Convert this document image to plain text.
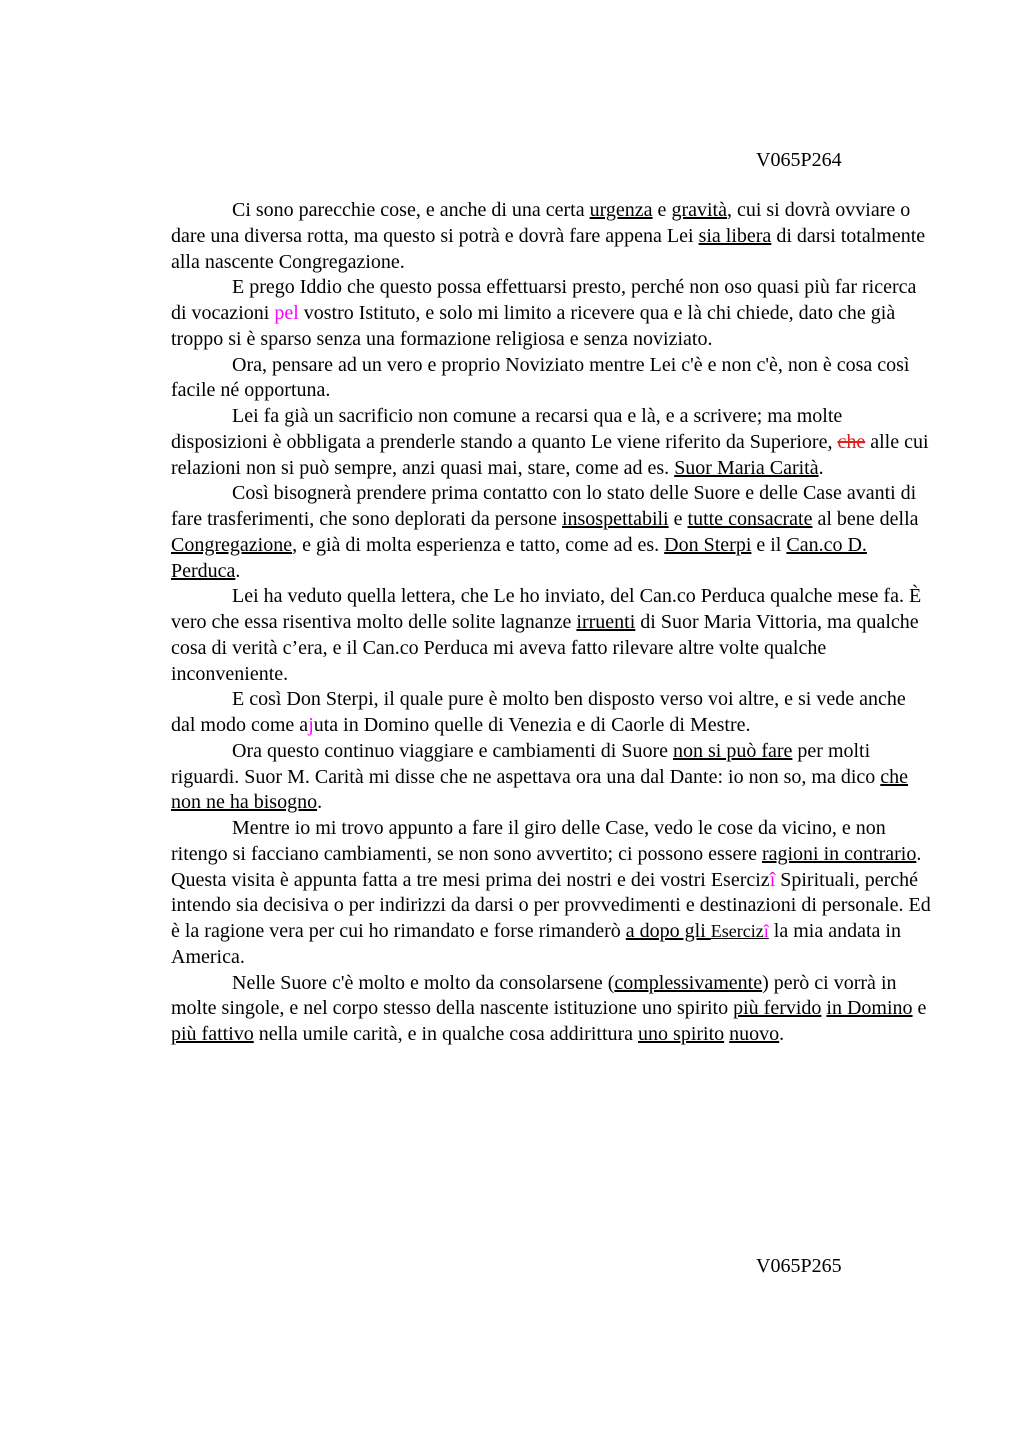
V065P264

Ci sono parecchie cose, e anche di una certa urgenza e gravità, cui si dovrà ovviare o dare una diversa rotta, ma questo si potrà e dovrà fare appena Lei sia libera di darsi totalmente alla nascente Congregazione.

E prego Iddio che questo possa effettuarsi presto, perché non oso quasi più far ricerca di vocazioni pel vostro Istituto, e solo mi limito a ricevere qua e là chi chiede, dato che già troppo si è sparso senza una formazione religiosa e senza noviziato.

Ora, pensare ad un vero e proprio Noviziato mentre Lei c'è e non c'è, non è cosa così facile né opportuna.

Lei fa già un sacrificio non comune a recarsi qua e là, e a scrivere; ma molte disposizioni è obbligata a prenderle stando a quanto Le viene riferito da Superiore, che alle cui relazioni non si può sempre, anzi quasi mai, stare, come ad es. Suor Maria Carità.

Così bisognerà prendere prima contatto con lo stato delle Suore e delle Case avanti di fare trasferimenti, che sono deplorati da persone insospettabili e tutte consacrate al bene della Congregazione, e già di molta esperienza e tatto, come ad es. Don Sterpi e il Can.co D. Perduca.

Lei ha veduto quella lettera, che Le ho inviato, del Can.co Perduca qualche mese fa. È vero che essa risentiva molto delle solite lagnanze irruenti di Suor Maria Vittoria, ma qualche cosa di verità c’era, e il Can.co Perduca mi aveva fatto rilevare altre volte qualche inconveniente.

E così Don Sterpi, il quale pure è molto ben disposto verso voi altre, e si vede anche dal modo come ajuta in Domino quelle di Venezia e di Caorle di Mestre.

Ora questo continuo viaggiare e cambiamenti di Suore non si può fare per molti riguardi. Suor M. Carità mi disse che ne aspettava ora una dal Dante: io non so, ma dico che non ne ha bisogno.

Mentre io mi trovo appunto a fare il giro delle Case, vedo le cose da vicino, e non ritengo si facciano cambiamenti, se non sono avvertito; ci possono essere ragioni in contrario. Questa visita è appunta fatta a tre mesi prima dei nostri e dei vostri Esercizî Spirituali, perché intendo sia decisiva o per indirizzi da darsi o per provvedimenti e destinazioni di personale. Ed è la ragione vera per cui ho rimandato e forse rimanderò a dopo gli Esercizî la mia andata in America.

Nelle Suore c'è molto e molto da consolarsene (complessivamente) però ci vorrà in molte singole, e nel corpo stesso della nascente istituzione uno spirito più fervido in Domino e più fattivo nella umile carità, e in qualche cosa addirittura uno spirito nuovo.

V065P265
